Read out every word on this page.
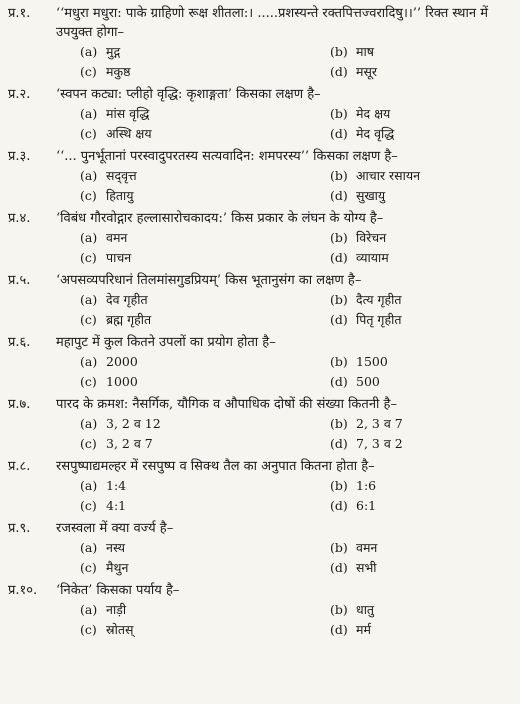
प्र.१.	‘‘मधुरा मधुरा: पाके ग्राहिणो रूक्ष शीतला:। .....प्रशस्यन्ते रक्तपित्तज्वरादिषु।।’’ रिक्त स्थान में उपयुक्त होगा–
(a) मुद्ग	(b) माष
(c) मकुष्ठ	(d) मसूर
प्र.२.	‘स्वपन कट्या: प्लीहो वृद्धि: कृशाङ्गता’ किसका लक्षण है–
(a) मांस वृद्धि	(b) मेद क्षय
(c) अस्थि क्षय	(d) मेद वृद्धि
प्र.३.	‘‘... पुनर्भूतानां परस्वादुपरतस्य सत्यवादिन: शमपरस्य’’ किसका लक्षण है–
(a) सद्‌वृत्त	(b) आचार रसायन
(c) हितायु	(d) सुखायु
प्र.४.	‘विबंध गौरवोद्गार हल्लासारोचकादय:’ किस प्रकार के लंघन के योग्य है–
(a) वमन	(b) विरेचन
(c) पाचन	(d) व्यायाम
प्र.५.	‘अपसव्यपरिधानं तिलमांसगुडप्रियम्’ किस भूतानुसंग का लक्षण है–
(a) देव गृहीत	(b) दैत्य गृहीत
(c) ब्रह्म गृहीत	(d) पितृ गृहीत
प्र.६.	महापुट में कुल कितने उपलों का प्रयोग होता है–
(a) 2000	(b) 1500
(c) 1000	(d) 500
प्र.७.	पारद के क्रमश: नैसर्गिक, यौगिक व औपाधिक दोषों की संख्या कितनी है–
(a) 3, 2 व 12	(b) 2, 3 व 7
(c) 3, 2 व 7	(d) 7, 3 व 2
प्र.८.	रसपुष्पाद्यमल्हर में रसपुष्प व सिक्थ तैल का अनुपात कितना होता है–
(a) 1:4	(b) 1:6
(c) 4:1	(d) 6:1
प्र.९.	रजस्वला में क्या वर्ज्य है–
(a) नस्य	(b) वमन
(c) मैथुन	(d) सभी
प्र.१०.	‘निकेत’ किसका पर्याय है–
(a) नाड़ी	(b) धातु
(c) स्रोतस्	(d) मर्म
